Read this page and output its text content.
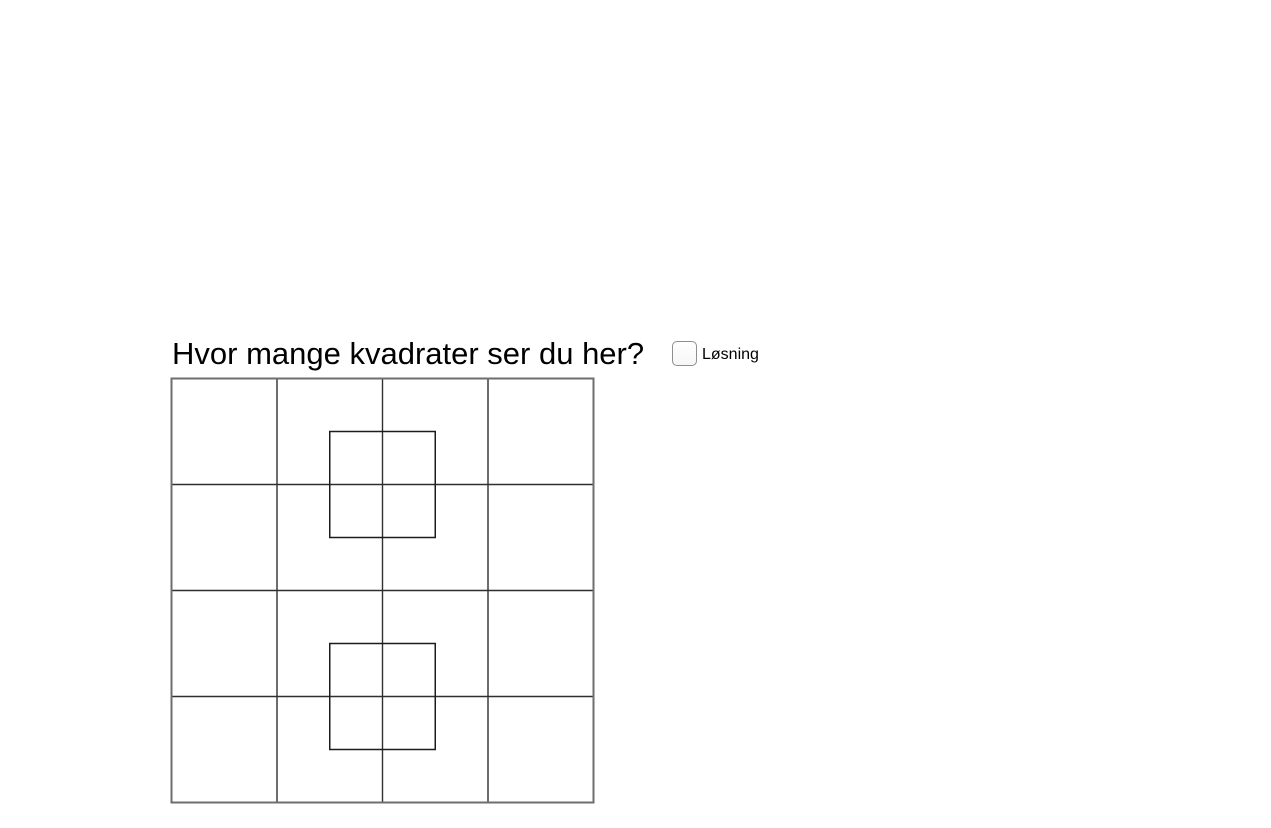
Hvor mange kvadrater ser du her?	Løsning
